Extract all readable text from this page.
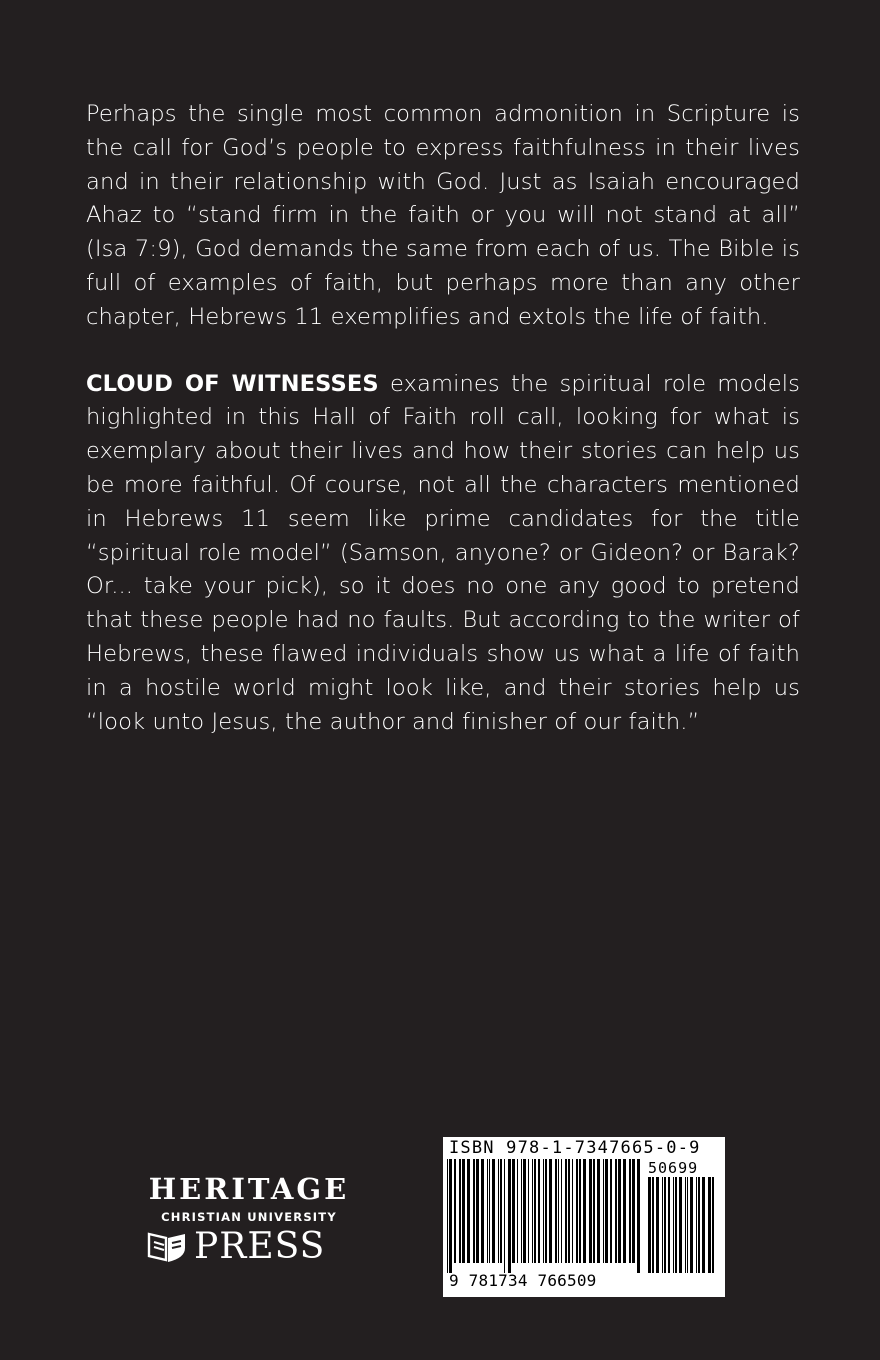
Perhaps the single most common admonition in Scripture is the call for God’s people to express faithfulness in their lives and in their relationship with God. Just as Isaiah encouraged Ahaz to “stand firm in the faith or you will not stand at all” (Isa 7:9), God demands the same from each of us. The Bible is full of examples of faith, but perhaps more than any other chapter, Hebrews 11 exemplifies and extols the life of faith.

CLOUD OF WITNESSES examines the spiritual role models highlighted in this Hall of Faith roll call, looking for what is exemplary about their lives and how their stories can help us be more faithful. Of course, not all the characters mentioned in Hebrews 11 seem like prime candidates for the title “spiritual role model” (Samson, anyone? or Gideon? or Barak? Or... take your pick), so it does no one any good to pretend that these people had no faults. But according to the writer of Hebrews, these flawed individuals show us what a life of faith in a hostile world might look like, and their stories help us “look unto Jesus, the author and finisher of our faith.”

HERITAGE
CHRISTIAN UNIVERSITY
PRESS
ISBN 978-1-7347665-0-9
50699
9 781734 766509
